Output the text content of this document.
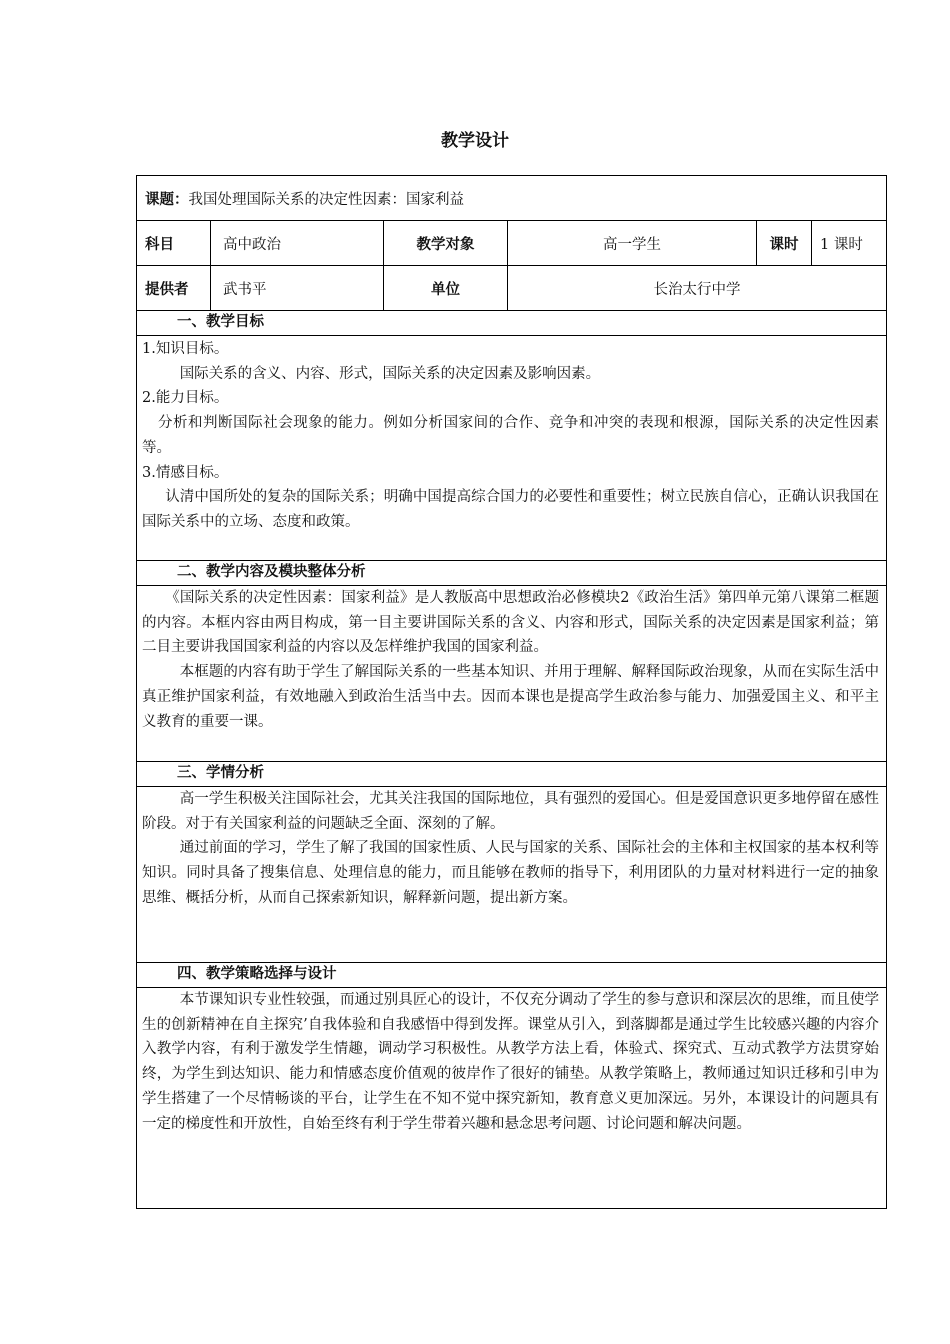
教学设计
课题： 我国处理国际关系的决定性因素：国家利益
科目	高中政治	教学对象	高一学生	课时	1 课时
提供者	武书平	单位	长治太行中学
一、教学目标

1.知识目标。

国际关系的含义、内容、形式，国际关系的决定因素及影响因素。

2.能力目标。

分析和判断国际社会现象的能力。例如分析国家间的合作、竞争和冲突的表现和根源，国际关系的决定性因素等。

3.情感目标。

认清中国所处的复杂的国际关系；明确中国提高综合国力的必要性和重要性；树立民族自信心，正确认识我国在国际关系中的立场、态度和政策。

二、教学内容及模块整体分析

《国际关系的决定性因素：国家利益》是人教版高中思想政治必修模块2《政治生活》第四单元第八课第二框题的内容。本框内容由两目构成，第一目主要讲国际关系的含义、内容和形式，国际关系的决定因素是国家利益；第二目主要讲我国国家利益的内容以及怎样维护我国的国家利益。

本框题的内容有助于学生了解国际关系的一些基本知识、并用于理解、解释国际政治现象，从而在实际生活中真正维护国家利益，有效地融入到政治生活当中去。因而本课也是提高学生政治参与能力、加强爱国主义、和平主义教育的重要一课。

三、学情分析

高一学生积极关注国际社会，尤其关注我国的国际地位，具有强烈的爱国心。但是爱国意识更多地停留在感性阶段。对于有关国家利益的问题缺乏全面、深刻的了解。

通过前面的学习，学生了解了我国的国家性质、人民与国家的关系、国际社会的主体和主权国家的基本权利等知识。同时具备了搜集信息、处理信息的能力，而且能够在教师的指导下，利用团队的力量对材料进行一定的抽象思维、概括分析，从而自己探索新知识，解释新问题，提出新方案。

四、教学策略选择与设计

本节课知识专业性较强，而通过别具匠心的设计，不仅充分调动了学生的参与意识和深层次的思维，而且使学生的创新精神在自主探究’自我体验和自我感悟中得到发挥。课堂从引入，到落脚都是通过学生比较感兴趣的内容介入教学内容，有利于激发学生情趣，调动学习积极性。从教学方法上看，体验式、探究式、互动式教学方法贯穿始终，为学生到达知识、能力和情感态度价值观的彼岸作了很好的铺垫。从教学策略上，教师通过知识迁移和引申为学生搭建了一个尽情畅谈的平台，让学生在不知不觉中探究新知，教育意义更加深远。另外，本课设计的问题具有一定的梯度性和开放性，自始至终有利于学生带着兴趣和悬念思考问题、讨论问题和解决问题。
